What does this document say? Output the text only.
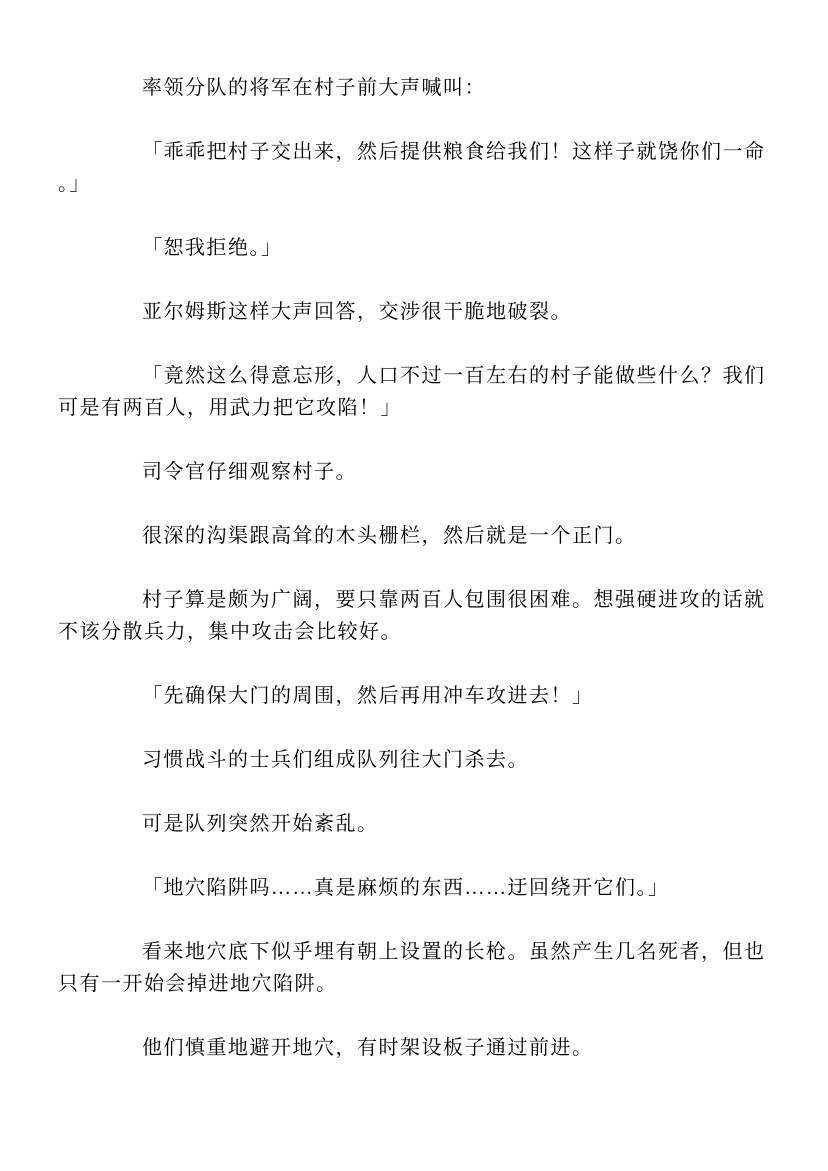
率领分队的将军在村子前大声喊叫：

「乖乖把村子交出来，然后提供粮食给我们！这样子就饶你们一命。」

「恕我拒绝。」

亚尔姆斯这样大声回答，交涉很干脆地破裂。

「竟然这么得意忘形，人口不过一百左右的村子能做些什么？我们可是有两百人，用武力把它攻陷！」

司令官仔细观察村子。

很深的沟渠跟高耸的木头栅栏，然后就是一个正门。

村子算是颇为广阔，要只靠两百人包围很困难。想强硬进攻的话就不该分散兵力，集中攻击会比较好。

「先确保大门的周围，然后再用冲车攻进去！」

习惯战斗的士兵们组成队列往大门杀去。

可是队列突然开始紊乱。

「地穴陷阱吗……真是麻烦的东西……迂回绕开它们。」

看来地穴底下似乎埋有朝上设置的长枪。虽然产生几名死者，但也只有一开始会掉进地穴陷阱。

他们慎重地避开地穴，有时架设板子通过前进。
